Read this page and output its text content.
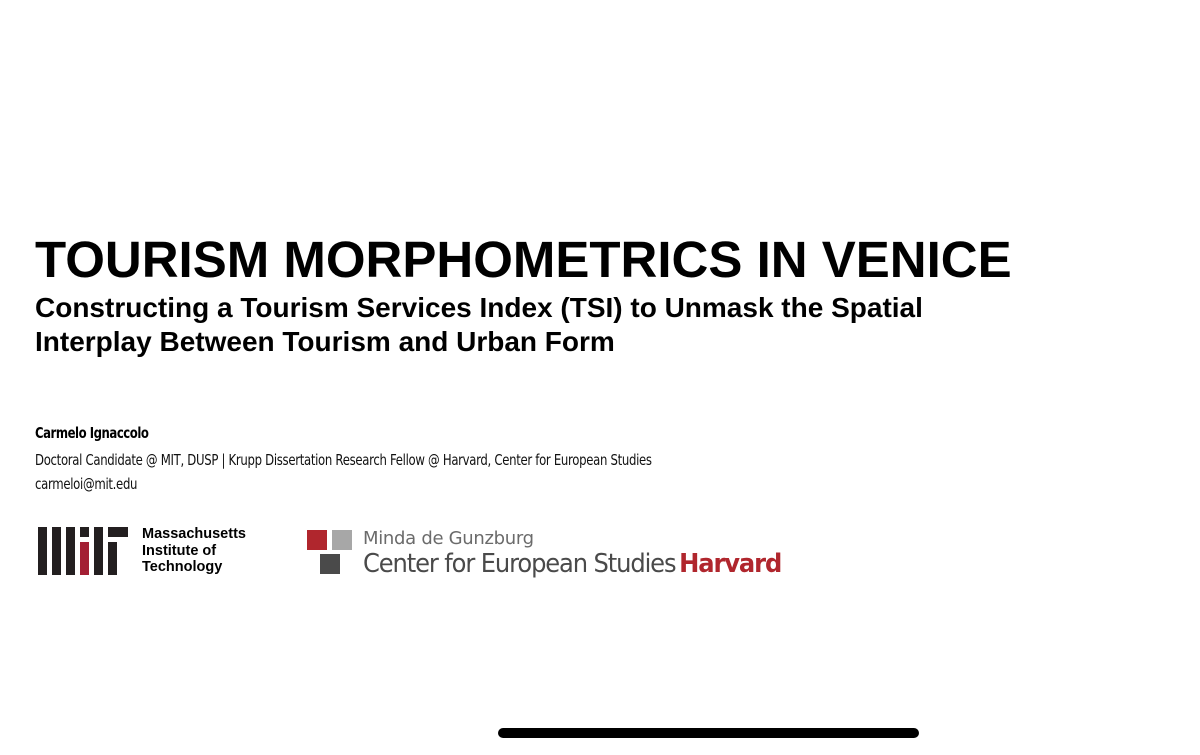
TOURISM MORPHOMETRICS IN VENICE
Constructing a Tourism Services Index (TSI) to Unmask the Spatial
Interplay Between Tourism and Urban Form
Carmelo Ignaccolo
Doctoral Candidate @ MIT, DUSP | Krupp Dissertation Research Fellow @ Harvard, Center for European Studies
carmeloi@mit.edu
Massachusetts
Institute of
Technology
Minda de Gunzburg
Center for European Studies Harvard
